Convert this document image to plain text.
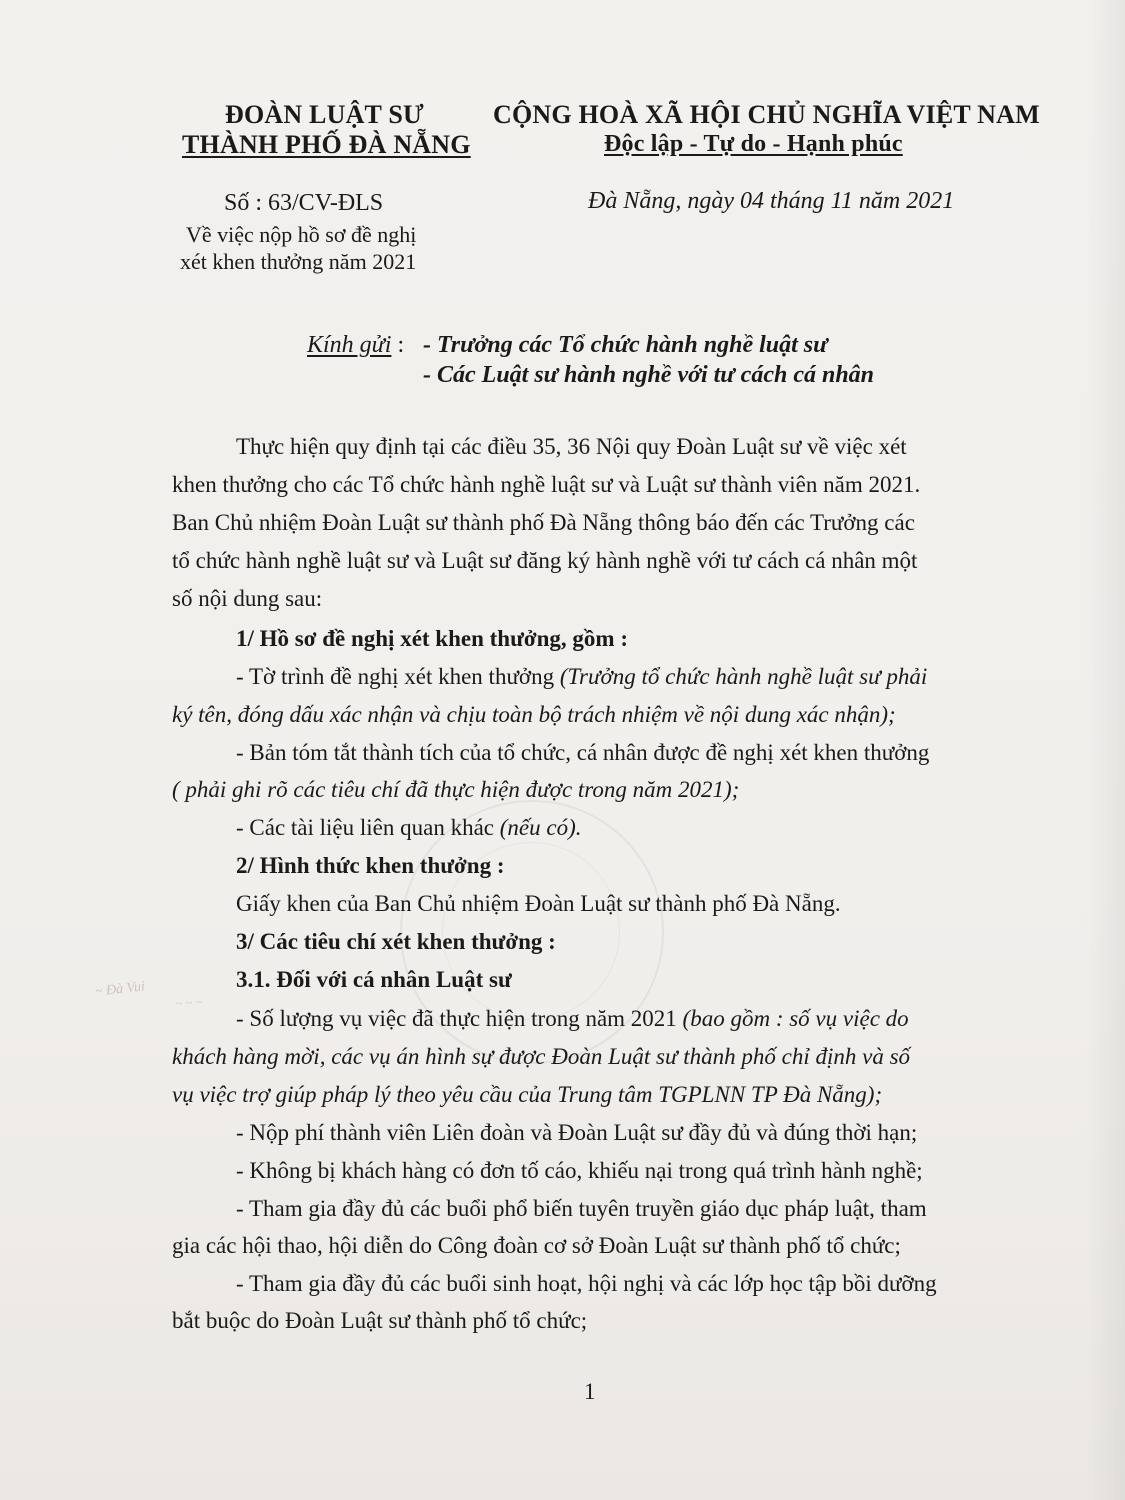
~ Đà Vui
~ ~ ~
ĐOÀN LUẬT SƯ
THÀNH PHỐ ĐÀ NẴNG
CỘNG HOÀ XÃ HỘI CHỦ NGHĨA VIỆT NAM
Độc lập - Tự do - Hạnh phúc
Số : 63/CV-ĐLS
Về việc nộp hồ sơ đề nghị
xét khen thưởng năm 2021
Đà Nẵng, ngày 04 tháng 11 năm 2021
Kính gửi : - Trưởng các Tổ chức hành nghề luật sư
- Các Luật sư hành nghề với tư cách cá nhân
Thực hiện quy định tại các điều 35, 36 Nội quy Đoàn Luật sư về việc xét
khen thưởng cho các Tổ chức hành nghề luật sư và Luật sư thành viên năm 2021.
Ban Chủ nhiệm Đoàn Luật sư thành phố Đà Nẵng thông báo đến các Trưởng các
tổ chức hành nghề luật sư và Luật sư đăng ký hành nghề với tư cách cá nhân một
số nội dung sau:
1/ Hồ sơ đề nghị xét khen thưởng, gồm :
- Tờ trình đề nghị xét khen thưởng (Trưởng tổ chức hành nghề luật sư phải
ký tên, đóng dấu xác nhận và chịu toàn bộ trách nhiệm về nội dung xác nhận);
- Bản tóm tắt thành tích của tổ chức, cá nhân được đề nghị xét khen thưởng
( phải ghi rõ các tiêu chí đã thực hiện được trong năm 2021);
- Các tài liệu liên quan khác (nếu có).
2/ Hình thức khen thưởng :
Giấy khen của Ban Chủ nhiệm Đoàn Luật sư thành phố Đà Nẵng.
3/ Các tiêu chí xét khen thưởng :
3.1. Đối với cá nhân Luật sư
- Số lượng vụ việc đã thực hiện trong năm 2021 (bao gồm : số vụ việc do
khách hàng mời, các vụ án hình sự được Đoàn Luật sư thành phố chỉ định và số
vụ việc trợ giúp pháp lý theo yêu cầu của Trung tâm TGPLNN TP Đà Nẵng);
- Nộp phí thành viên Liên đoàn và Đoàn Luật sư đầy đủ và đúng thời hạn;
- Không bị khách hàng có đơn tố cáo, khiếu nại trong quá trình hành nghề;
- Tham gia đầy đủ các buổi phổ biến tuyên truyền giáo dục pháp luật, tham
gia các hội thao, hội diễn do Công đoàn cơ sở Đoàn Luật sư thành phố tổ chức;
- Tham gia đầy đủ các buổi sinh hoạt, hội nghị và các lớp học tập bồi dưỡng
bắt buộc do Đoàn Luật sư thành phố tổ chức;
1
